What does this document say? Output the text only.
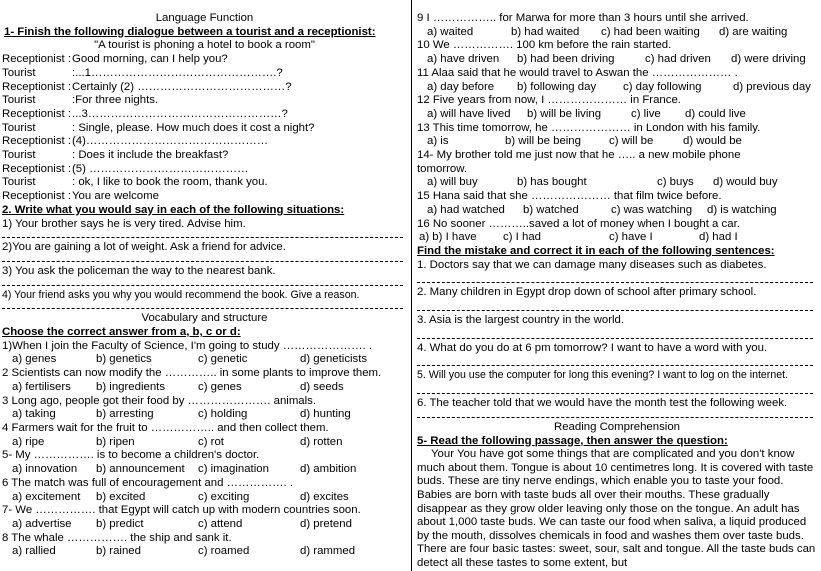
Language Function
1- Finish the following dialogue between a tourist and a receptionist:
"A tourist is phoning a hotel to book a room"
Receptionist : Good morning, can I help you?
Tourist	:...1………………………………………….?
Receptionist : Certainly (2) …………………………………?
Tourist	:For three nights.
Receptionist : ...3……………………………………………?
Tourist	: Single, please. How much does it cost a night?
Receptionist : (4)…………………………………………
Tourist	: Does it include the breakfast?
Receptionist : (5) ……………………………………
Tourist	: ok, I like to book the room, thank you.
Receptionist : You are welcome
2. Write what you would say in each of the following situations:
1) Your brother says he is very tired. Advise him.
2)You are gaining a lot of weight. Ask a friend for advice.
3) You ask the policeman the way to the nearest bank.
4) Your friend asks you why you would recommend the book. Give a reason.
Vocabulary and structure
Choose the correct answer from a, b, c or d:
1)When I join the Faculty of Science, I'm going to study …………………. .
a) genes	b) genetics	c) genetic	d) geneticists
2 Scientists can now modify the ………….. in some plants to improve them.
a) fertilisers	b) ingredients	c) genes	d) seeds
3 Long ago, people got their food by …………………. animals.
a) taking	b) arresting	c) holding	d) hunting
4 Farmers wait for the fruit to …………….. and then collect them.
a) ripe	b) ripen	c) rot	d) rotten
5- My ……………. is to become a children's doctor.
a) innovation	b) announcement	c) imagination	d) ambition
6 The match was full of encouragement and ……………. .
a) excitement	b) excited	c) exciting	d) excites
7- We ……………. that Egypt will catch up with modern countries soon.
a) advertise	b) predict	c) attend	d) pretend
8 The whale ……………. the ship and sank it.
a) rallied	b) rained	c) roamed	d) rammed
9 I …………….. for Marwa for more than 3 hours until she arrived.
a) waited	b) had waited	c) had been waiting	d) are waiting
10 We ……………. 100 km before the rain started.
a) have driven	b) had been driving	c) had driven	d) were driving
11 Alaa said that he would travel to Aswan the ………………… .
a) day before	b) following day	c) day following	d) previous day
12 Five years from now, I ………………… in France.
a) will have lived	b) will be living	c) live	d) could live
13 This time tomorrow, he ………………… in London with his family.
a) is	b) will be being	c) will be	d) would be
14- My brother told me just now that he ….. a new mobile phone
tomorrow.
a) will buy	b) has bought	c) buys	d) would buy
15 Hana said that she ………………… that film twice before.
a) had watched	b) watched	c) was watching	d) is watching
16 No sooner ………..saved a lot of money when I bought a car.
a) b) I have	c) I had	c) have I	d) had I
Find the mistake and correct it in each of the following sentences:
1. Doctors say that we can damage many diseases such as diabetes.
2. Many children in Egypt drop down of school after primary school.
3. Asia is the largest country in the world.
4. What do you do at 6 pm tomorrow? I want to have a word with you.
5. Will you use the computer for long this evening? I want to log on the internet.
6. The teacher told that we would have the month test the following week.
Reading Comprehension
5- Read the following passage, then answer the question:
Your You have got some things that are complicated and you don't know much about them. Tongue is about 10 centimetres long. It is covered with taste buds. These are tiny nerve endings, which enable you to taste your food. Babies are born with taste buds all over their mouths. These gradually disappear as they grow older leaving only those on the tongue. An adult has about 1,000 taste buds. We can taste our food when saliva, a liquid produced by the mouth, dissolves chemicals in food and washes them over taste buds. There are four basic tastes: sweet, sour, salt and tongue. All the taste buds can detect all these tastes to some extent, but
